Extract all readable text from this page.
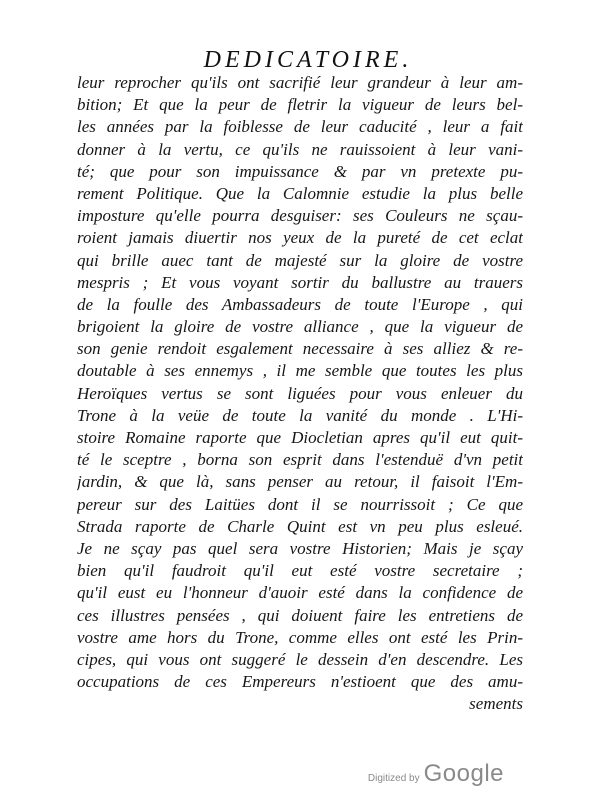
DEDICATOIRE.
leur reprocher qu'ils ont sacrifié leur grandeur à leur am-
bition; Et que la peur de fletrir la vigueur de leurs bel-
les années par la foiblesse de leur caducité , leur a fait
donner à la vertu, ce qu'ils ne rauissoient à leur vani-
té; que pour son impuissance & par vn pretexte pu-
rement Politique. Que la Calomnie estudie la plus belle
imposture qu'elle pourra desguiser: ses Couleurs ne sçau-
roient jamais diuertir nos yeux de la pureté de cet eclat
qui brille auec tant de majesté sur la gloire de vostre
mespris ; Et vous voyant sortir du ballustre au trauers
de la foulle des Ambassadeurs de toute l'Europe , qui
brigoient la gloire de vostre alliance , que la vigueur de
son genie rendoit esgalement necessaire à ses alliez & re-
doutable à ses ennemys , il me semble que toutes les plus
Heroïques vertus se sont liguées pour vous enleuer du
Trone à la veüe de toute la vanité du monde . L'Hi-
stoire Romaine raporte que Diocletian apres qu'il eut quit-
té le sceptre , borna son esprit dans l'estenduë d'vn petit
jardin, & que là, sans penser au retour, il faisoit l'Em-
pereur sur des Laitües dont il se nourrissoit ; Ce que
Strada raporte de Charle Quint est vn peu plus esleué.
Je ne sçay pas quel sera vostre Historien; Mais je sçay
bien qu'il faudroit qu'il eut esté vostre secretaire ;
qu'il eust eu l'honneur d'auoir esté dans la confidence de
ces illustres pensées , qui doiuent faire les entretiens de
vostre ame hors du Trone, comme elles ont esté les Prin-
cipes, qui vous ont suggeré le dessein d'en descendre. Les
occupations de ces Empereurs n'estioent que des amu-
sements
Digitized by Google
